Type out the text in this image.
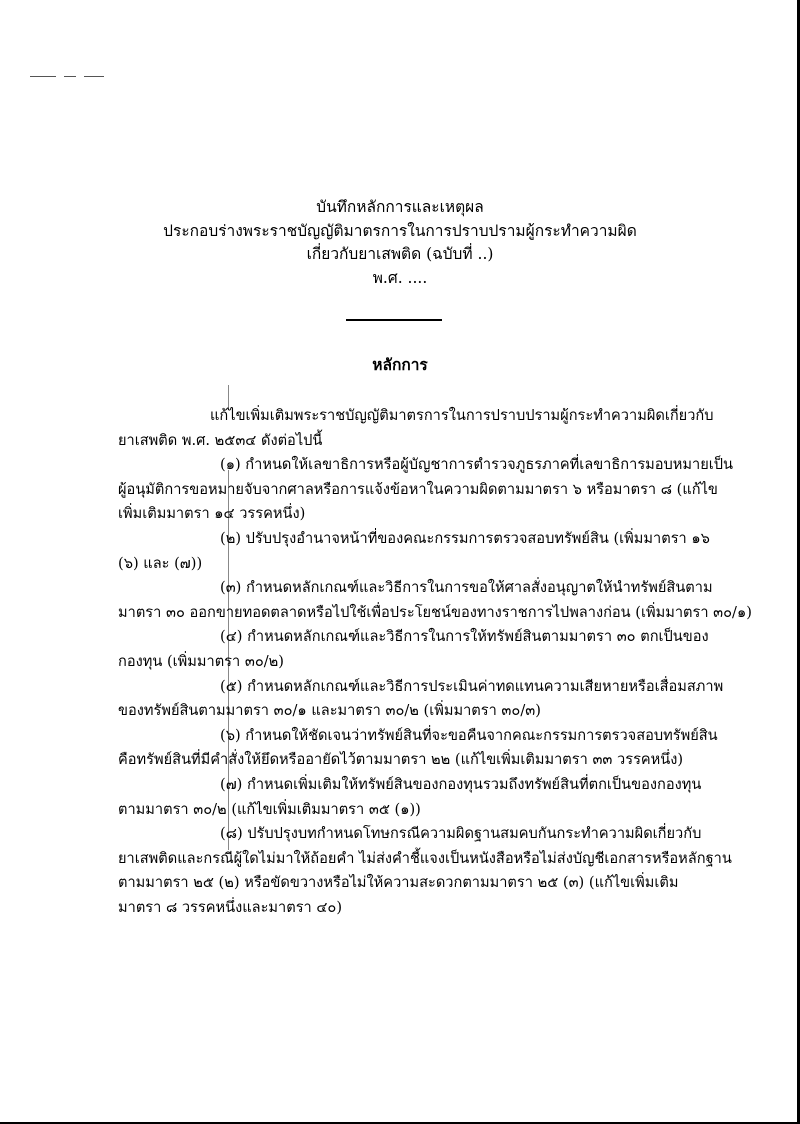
บันทึกหลักการและเหตุผล
ประกอบร่างพระราชบัญญัติมาตรการในการปราบปรามผู้กระทำความผิด
เกี่ยวกับยาเสพติด (ฉบับที่ ..)
พ.ศ. ....
หลักการ

แก้ไขเพิ่มเติมพระราชบัญญัติมาตรการในการปราบปรามผู้กระทำความผิดเกี่ยวกับ

ยาเสพติด พ.ศ. ๒๕๓๔ ดังต่อไปนี้

(๑) กำหนดให้เลขาธิการหรือผู้บัญชาการตำรวจภูธรภาคที่เลขาธิการมอบหมายเป็น

ผู้อนุมัติการขอหมายจับจากศาลหรือการแจ้งข้อหาในความผิดตามมาตรา ๖ หรือมาตรา ๘ (แก้ไข

เพิ่มเติมมาตรา ๑๔ วรรคหนึ่ง)

(๒) ปรับปรุงอำนาจหน้าที่ของคณะกรรมการตรวจสอบทรัพย์สิน (เพิ่มมาตรา ๑๖

(๖) และ (๗))

(๓) กำหนดหลักเกณฑ์และวิธีการในการขอให้ศาลสั่งอนุญาตให้นำทรัพย์สินตาม

มาตรา ๓๐ ออกขายทอดตลาดหรือไปใช้เพื่อประโยชน์ของทางราชการไปพลางก่อน (เพิ่มมาตรา ๓๐/๑)

(๔) กำหนดหลักเกณฑ์และวิธีการในการให้ทรัพย์สินตามมาตรา ๓๐ ตกเป็นของ

กองทุน (เพิ่มมาตรา ๓๐/๒)

(๕) กำหนดหลักเกณฑ์และวิธีการประเมินค่าทดแทนความเสียหายหรือเสื่อมสภาพ

ของทรัพย์สินตามมาตรา ๓๐/๑ และมาตรา ๓๐/๒ (เพิ่มมาตรา ๓๐/๓)

(๖) กำหนดให้ชัดเจนว่าทรัพย์สินที่จะขอคืนจากคณะกรรมการตรวจสอบทรัพย์สิน

คือทรัพย์สินที่มีคำสั่งให้ยึดหรืออายัดไว้ตามมาตรา ๒๒ (แก้ไขเพิ่มเติมมาตรา ๓๓ วรรคหนึ่ง)

(๗) กำหนดเพิ่มเติมให้ทรัพย์สินของกองทุนรวมถึงทรัพย์สินที่ตกเป็นของกองทุน

ตามมาตรา ๓๐/๒ (แก้ไขเพิ่มเติมมาตรา ๓๕ (๑))

(๘) ปรับปรุงบทกำหนดโทษกรณีความผิดฐานสมคบกันกระทำความผิดเกี่ยวกับ

ยาเสพติดและกรณีผู้ใดไม่มาให้ถ้อยคำ ไม่ส่งคำชี้แจงเป็นหนังสือหรือไม่ส่งบัญชีเอกสารหรือหลักฐาน

ตามมาตรา ๒๕ (๒) หรือขัดขวางหรือไม่ให้ความสะดวกตามมาตรา ๒๕ (๓) (แก้ไขเพิ่มเติม

มาตรา ๘ วรรคหนึ่งและมาตรา ๔๐)
